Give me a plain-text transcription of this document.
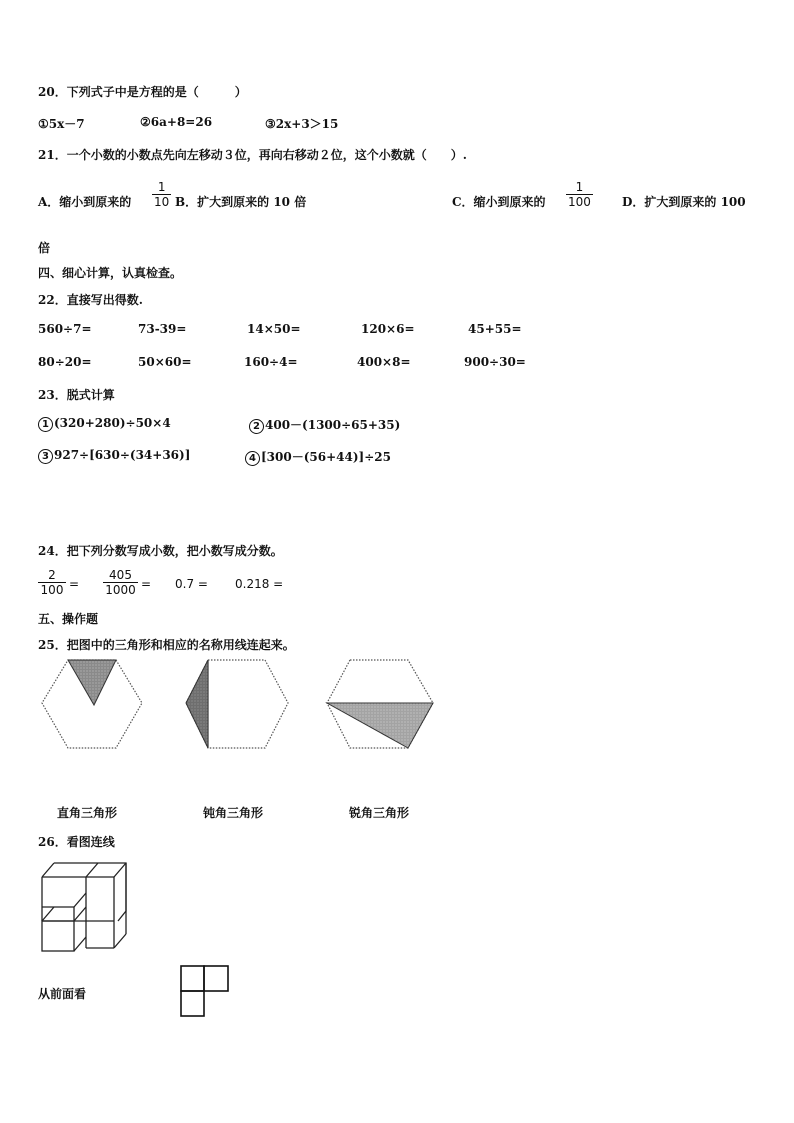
20．下列式子中是方程的是（　　　）
①5x－7	②6a+8=26	③2x+3＞15
21．一个小数的小数点先向左移动３位，再向右移动２位，这个小数就（　　）.
A．缩小到原来的 $\frac{1}{10}$ B．扩大到原来的 10 倍	C．缩小到原来的 $\frac{1}{100}$ D．扩大到原来的 100
倍
四、细心计算，认真检查。
22．直接写出得数.
560÷7=	73-39=	14×50=	120×6=	45+55=
80÷20=	50×60=	160÷4=	400×8=	900÷30=
23．脱式计算
1 (320+280)÷50×4	2 400－(1300÷65+35)
3 927÷[630÷(34+36)]	4 [300－(56+44)]÷25
24．把下列分数写成小数，把小数写成分数。
$\frac{2}{100} = \frac{405}{1000} = 0.7 = 0.218$ =
五、操作题
25．把图中的三角形和相应的名称用线连起来。
直角三角形	钝角三角形	锐角三角形
26．看图连线
从前面看
